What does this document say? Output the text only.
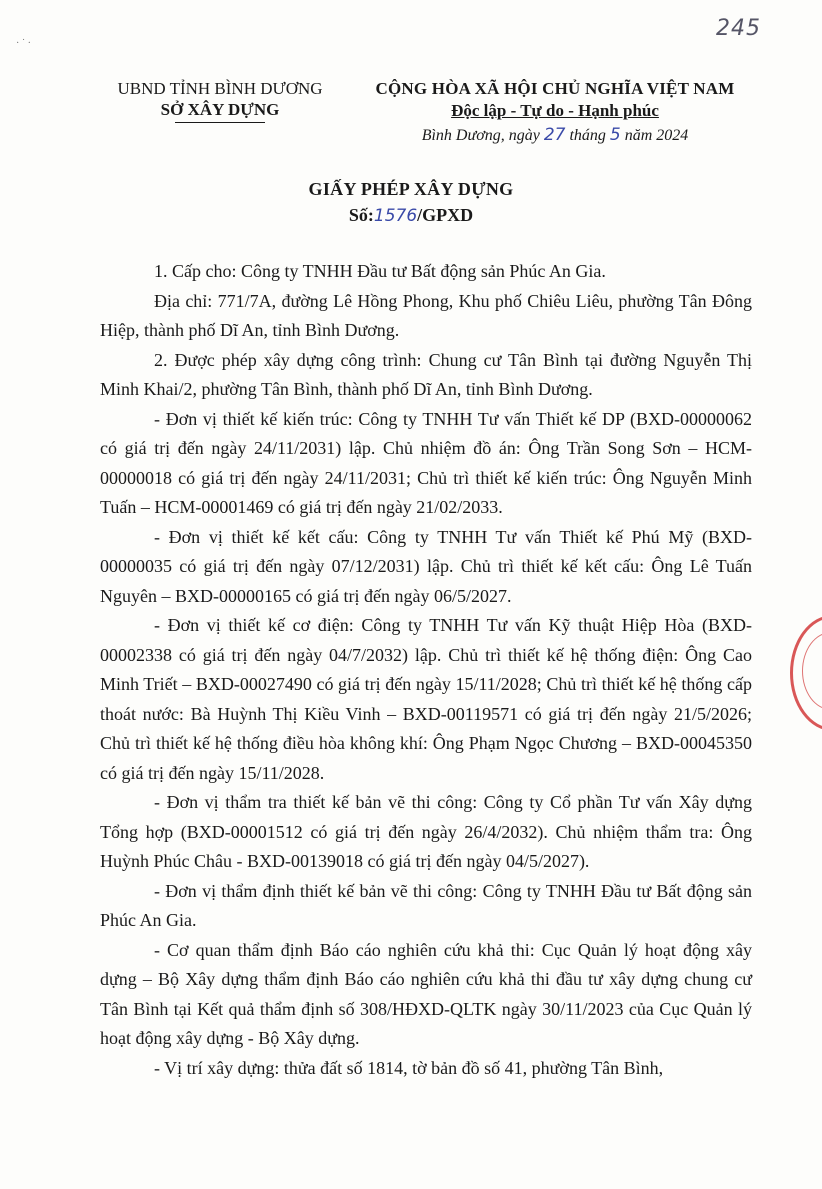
· ˙ ·
245
UBND TỈNH BÌNH DƯƠNG
SỞ XÂY DỰNG
CỘNG HÒA XÃ HỘI CHỦ NGHĨA VIỆT NAM
Độc lập - Tự do - Hạnh phúc
Bình Dương, ngày 27 tháng 5 năm 2024
GIẤY PHÉP XÂY DỰNG
Số:1576/GPXD

1. Cấp cho: Công ty TNHH Đầu tư Bất động sản Phúc An Gia.

Địa chỉ: 771/7A, đường Lê Hồng Phong, Khu phố Chiêu Liêu, phường Tân Đông Hiệp, thành phố Dĩ An, tỉnh Bình Dương.

2. Được phép xây dựng công trình: Chung cư Tân Bình tại đường Nguyễn Thị Minh Khai/2, phường Tân Bình, thành phố Dĩ An, tỉnh Bình Dương.

- Đơn vị thiết kế kiến trúc: Công ty TNHH Tư vấn Thiết kế DP (BXD-00000062 có giá trị đến ngày 24/11/2031) lập. Chủ nhiệm đồ án: Ông Trần Song Sơn – HCM-00000018 có giá trị đến ngày 24/11/2031; Chủ trì thiết kế kiến trúc: Ông Nguyễn Minh Tuấn – HCM-00001469 có giá trị đến ngày 21/02/2033.

- Đơn vị thiết kế kết cấu: Công ty TNHH Tư vấn Thiết kế Phú Mỹ (BXD-00000035 có giá trị đến ngày 07/12/2031) lập. Chủ trì thiết kế kết cấu: Ông Lê Tuấn Nguyên – BXD-00000165 có giá trị đến ngày 06/5/2027.

- Đơn vị thiết kế cơ điện: Công ty TNHH Tư vấn Kỹ thuật Hiệp Hòa (BXD-00002338 có giá trị đến ngày 04/7/2032) lập. Chủ trì thiết kế hệ thống điện: Ông Cao Minh Triết – BXD-00027490 có giá trị đến ngày 15/11/2028; Chủ trì thiết kế hệ thống cấp thoát nước: Bà Huỳnh Thị Kiều Vinh – BXD-00119571 có giá trị đến ngày 21/5/2026; Chủ trì thiết kế hệ thống điều hòa không khí: Ông Phạm Ngọc Chương – BXD-00045350 có giá trị đến ngày 15/11/2028.

- Đơn vị thẩm tra thiết kế bản vẽ thi công: Công ty Cổ phần Tư vấn Xây dựng Tổng hợp (BXD-00001512 có giá trị đến ngày 26/4/2032). Chủ nhiệm thẩm tra: Ông Huỳnh Phúc Châu - BXD-00139018 có giá trị đến ngày 04/5/2027).

- Đơn vị thẩm định thiết kế bản vẽ thi công: Công ty TNHH Đầu tư Bất động sản Phúc An Gia.

- Cơ quan thẩm định Báo cáo nghiên cứu khả thi: Cục Quản lý hoạt động xây dựng – Bộ Xây dựng thẩm định Báo cáo nghiên cứu khả thi đầu tư xây dựng chung cư Tân Bình tại Kết quả thẩm định số 308/HĐXD-QLTK ngày 30/11/2023 của Cục Quản lý hoạt động xây dựng - Bộ Xây dựng.

- Vị trí xây dựng: thửa đất số 1814, tờ bản đồ số 41, phường Tân Bình,
